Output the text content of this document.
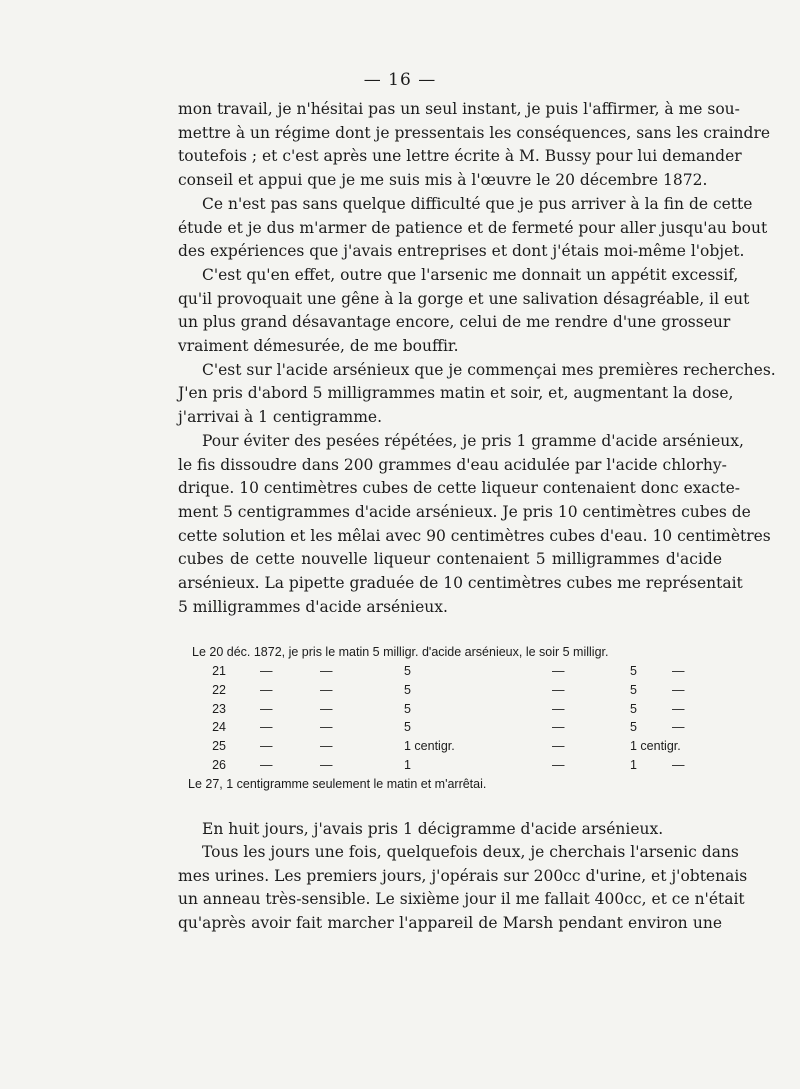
— 16 —

mon travail, je n'hésitai pas un seul instant, je puis l'affirmer, à me sou-
mettre à un régime dont je pressentais les conséquences, sans les craindre
toutefois ; et c'est après une lettre écrite à M. Bussy pour lui demander
conseil et appui que je me suis mis à l'œuvre le 20 décembre 1872.

Ce n'est pas sans quelque difficulté que je pus arriver à la fin de cette
étude et je dus m'armer de patience et de fermeté pour aller jusqu'au bout
des expériences que j'avais entreprises et dont j'étais moi-même l'objet.

C'est qu'en effet, outre que l'arsenic me donnait un appétit excessif,
qu'il provoquait une gêne à la gorge et une salivation désagréable, il eut
un plus grand désavantage encore, celui de me rendre d'une grosseur
vraiment démesurée, de me bouffir.

C'est sur l'acide arsénieux que je commençai mes premières recherches.
J'en pris d'abord 5 milligrammes matin et soir, et, augmentant la dose,
j'arrivai à 1 centigramme.

Pour éviter des pesées répétées, je pris 1 gramme d'acide arsénieux,
le fis dissoudre dans 200 grammes d'eau acidulée par l'acide chlorhy-
drique. 10 centimètres cubes de cette liqueur contenaient donc exacte-
ment 5 centigrammes d'acide arsénieux. Je pris 10 centimètres cubes de
cette solution et les mêlai avec 90 centimètres cubes d'eau. 10 centimètres
cubes de cette nouvelle liqueur contenaient 5 milligrammes d'acide
arsénieux. La pipette graduée de 10 centimètres cubes me représentait
5 milligrammes d'acide arsénieux.

Le 20 déc. 1872, je pris le matin 5 milligr. d'acide arsénieux, le soir 5 milligr.
21	—	—	5	—	5	—
22	—	—	5	—	5	—
23	—	—	5	—	5	—
24	—	—	5	—	5	—
25	—	—	1 centigr.	—	1 centigr.
26	—	—	1	—	1	—
Le 27, 1 centigramme seulement le matin et m'arrêtai.

En huit jours, j'avais pris 1 décigramme d'acide arsénieux.

Tous les jours une fois, quelquefois deux, je cherchais l'arsenic dans
mes urines. Les premiers jours, j'opérais sur 200cc d'urine, et j'obtenais
un anneau très-sensible. Le sixième jour il me fallait 400cc, et ce n'était
qu'après avoir fait marcher l'appareil de Marsh pendant environ une
